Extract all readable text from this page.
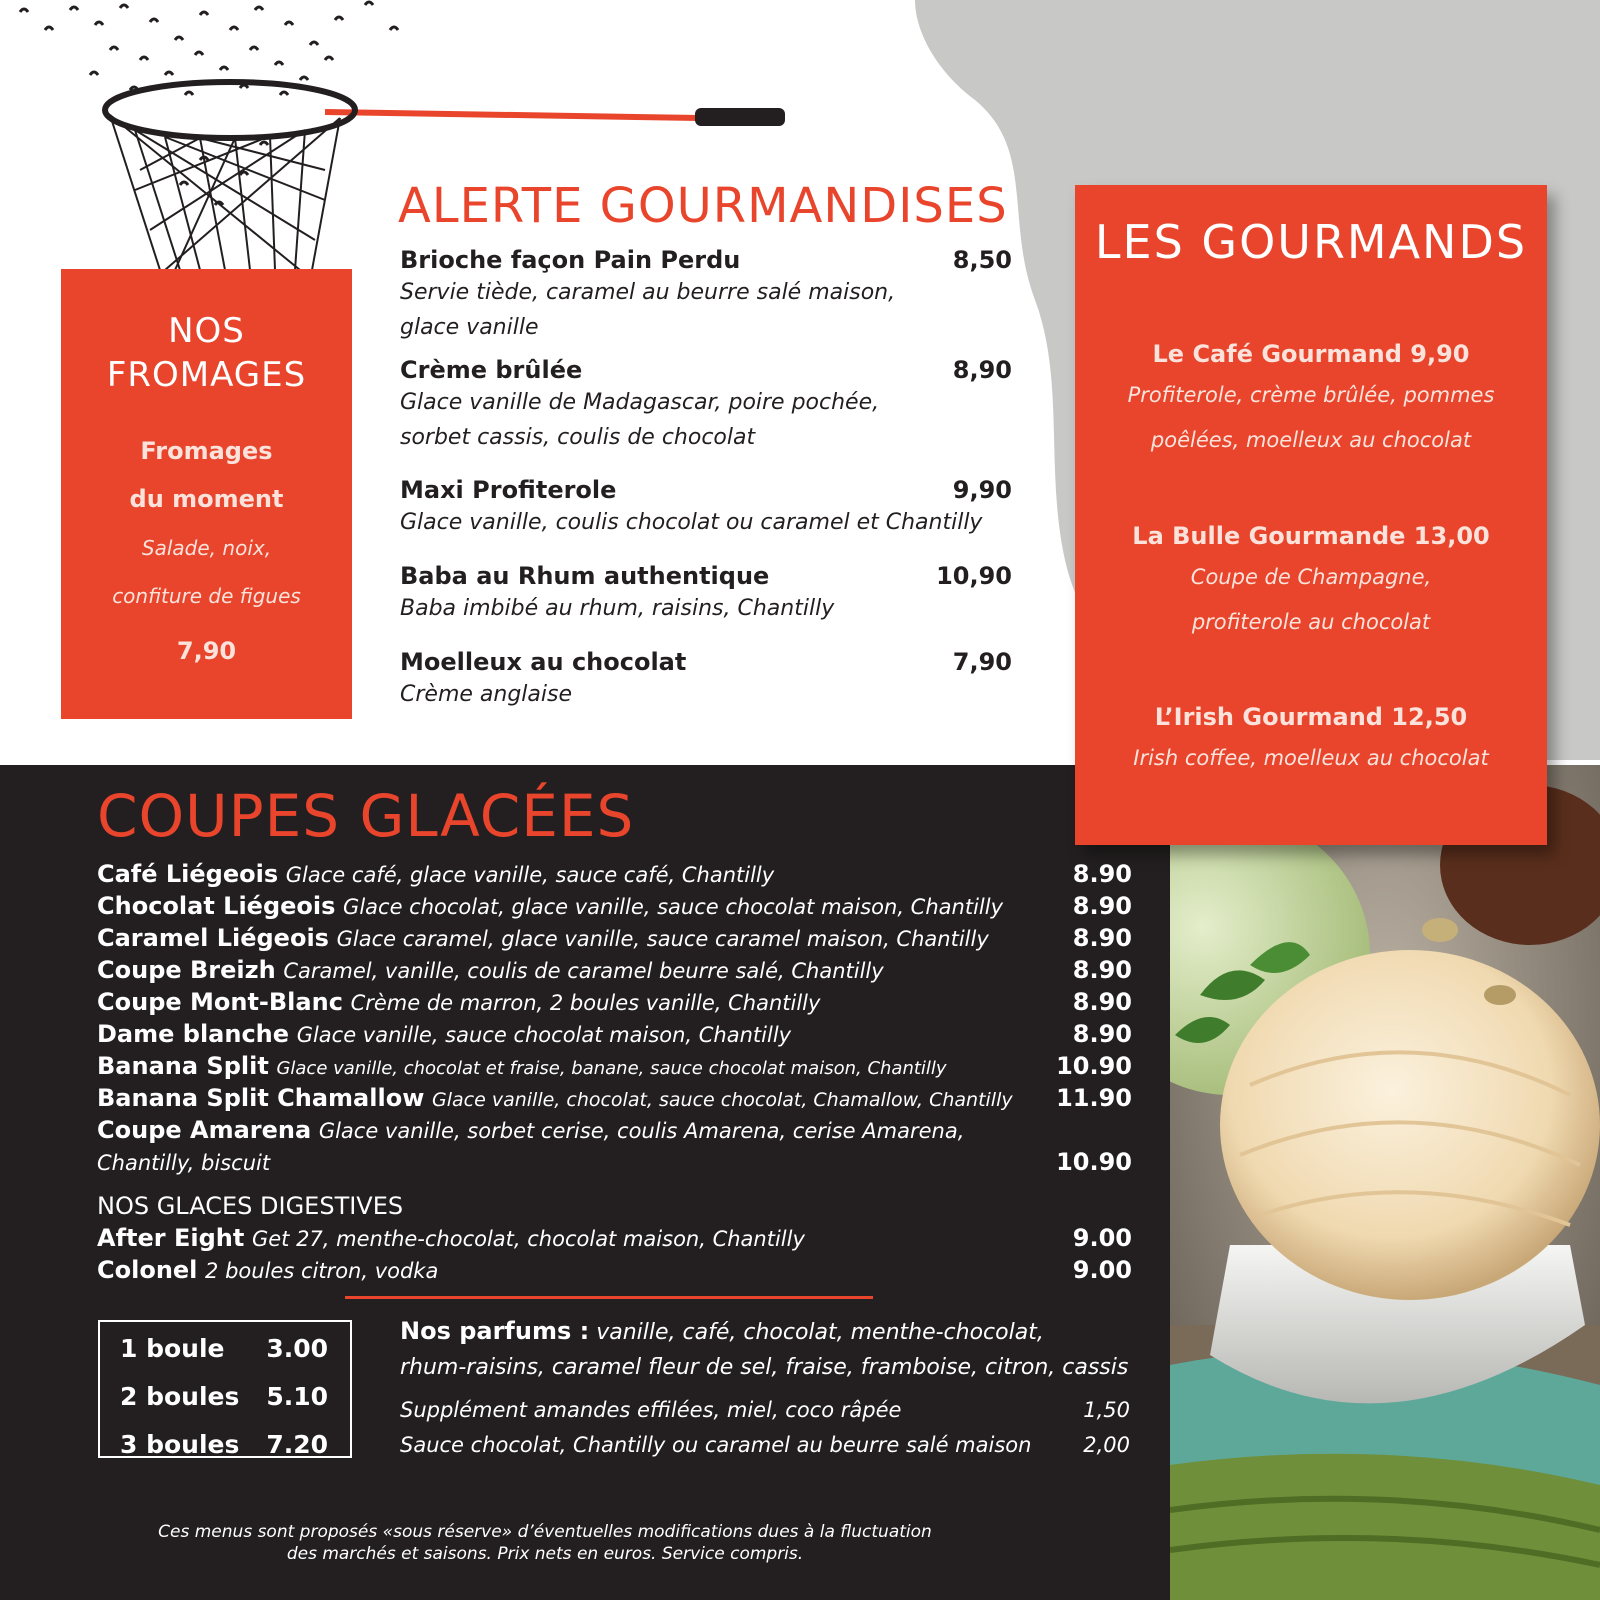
NOS
FROMAGES
Fromages
du moment
Salade, noix,
confiture de figues
7,90
ALERTE GOURMANDISES
Brioche façon Pain Perdu	8,50
Servie tiède, caramel au beurre salé maison,
glace vanille
Crème brûlée	8,90
Glace vanille de Madagascar, poire pochée,
sorbet cassis, coulis de chocolat
Maxi Profiterole	9,90
Glace vanille, coulis chocolat ou caramel et Chantilly
Baba au Rhum authentique	10,90
Baba imbibé au rhum, raisins, Chantilly
Moelleux au chocolat	7,90
Crème anglaise
LES GOURMANDS
Le Café Gourmand 9,90
Profiterole, crème brûlée, pommes
poêlées, moelleux au chocolat
La Bulle Gourmande 13,00
Coupe de Champagne,
profiterole au chocolat
L’Irish Gourmand 12,50
Irish coffee, moelleux au chocolat
COUPES GLACÉES
Café Liégeois Glace café, glace vanille, sauce café, Chantilly	8.90
Chocolat Liégeois Glace chocolat, glace vanille, sauce chocolat maison, Chantilly	8.90
Caramel Liégeois Glace caramel, glace vanille, sauce caramel maison, Chantilly	8.90
Coupe Breizh Caramel, vanille, coulis de caramel beurre salé, Chantilly	8.90
Coupe Mont-Blanc Crème de marron, 2 boules vanille, Chantilly	8.90
Dame blanche Glace vanille, sauce chocolat maison, Chantilly	8.90
Banana Split Glace vanille, chocolat et fraise, banane, sauce chocolat maison, Chantilly	10.90
Banana Split Chamallow Glace vanille, chocolat, sauce chocolat, Chamallow, Chantilly 11.90
Coupe Amarena Glace vanille, sorbet cerise, coulis Amarena, cerise Amarena,
Chantilly, biscuit	10.90
NOS GLACES DIGESTIVES
After Eight Get 27, menthe-chocolat, chocolat maison, Chantilly	9.00
Colonel 2 boules citron, vodka	9.00
1 boule 3.00
2 boules 5.10
3 boules 7.20
Nos parfums : vanille, café, chocolat, menthe-chocolat,
rhum-raisins, caramel fleur de sel, fraise, framboise, citron, cassis
Supplément amandes effilées, miel, coco râpée	1,50
Sauce chocolat, Chantilly ou caramel au beurre salé maison 2,00
Ces menus sont proposés «sous réserve» d’éventuelles modifications dues à la fluctuation
des marchés et saisons. Prix nets en euros. Service compris.
